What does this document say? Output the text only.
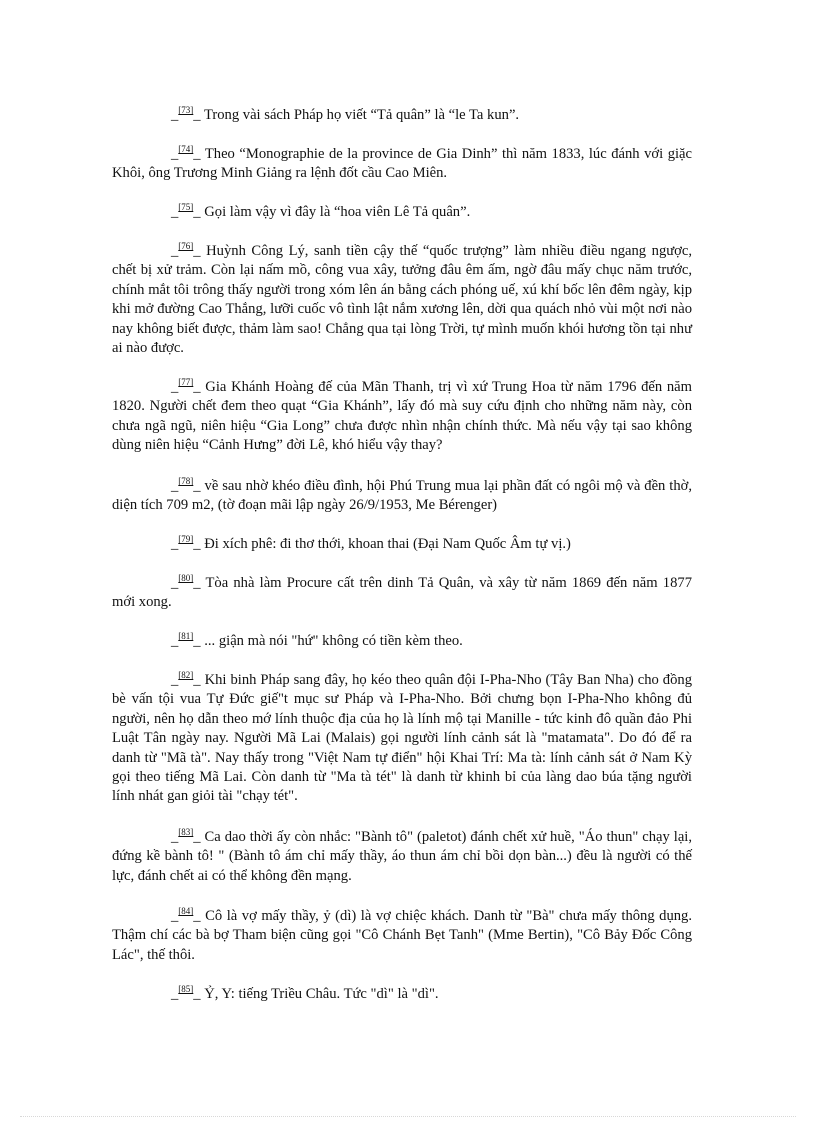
_[73]_ Trong vài sách Pháp họ viết “Tả quân” là “le Ta kun”.

_[74]_ Theo “Monographie de la province de Gia Dinh” thì năm 1833, lúc đánh với giặc Khôi, ông Trương Minh Giảng ra lệnh đốt cầu Cao Miên.

_[75]_ Gọi làm vậy vì đây là “hoa viên Lê Tả quân”.

_[76]_ Huỳnh Công Lý, sanh tiền cậy thế “quốc trượng” làm nhiều điều ngang ngược, chết bị xử trảm. Còn lại nấm mồ, công vua xây, tưởng đâu êm ấm, ngờ đâu mấy chục năm trước, chính mắt tôi trông thấy người trong xóm lên án bằng cách phóng uế, xú khí bốc lên đêm ngày, kịp khi mở đường Cao Thắng, lưỡi cuốc vô tình lật nắm xương lên, dời qua quách nhỏ vùi một nơi nào nay không biết được, thảm làm sao! Chẳng qua tại lòng Trời, tự mình muốn khói hương tồn tại như ai nào được.

_[77]_ Gia Khánh Hoàng đế của Mãn Thanh, trị vì xứ Trung Hoa từ năm 1796 đến năm 1820. Người chết đem theo quạt “Gia Khánh”, lấy đó mà suy cứu định cho những năm này, còn chưa ngã ngũ, niên hiệu “Gia Long” chưa được nhìn nhận chính thức. Mà nếu vậy tại sao không dùng niên hiệu “Cảnh Hưng” đời Lê, khó hiểu vậy thay?

_[78]_ về sau nhờ khéo điều đình, hội Phú Trung mua lại phần đất có ngôi mộ và đền thờ, diện tích 709 m2, (tờ đoạn mãi lập ngày 26/9/1953, Me Bérenger)

_[79]_ Đi xích phê: đi thơ thới, khoan thai (Đại Nam Quốc Âm tự vị.)

_[80]_ Tòa nhà làm Procure cất trên dinh Tả Quân, và xây từ năm 1869 đến năm 1877 mới xong.

_[81]_ ... giận mà nói "hứ" không có tiền kèm theo.

_[82]_ Khi binh Pháp sang đây, họ kéo theo quân đội I-Pha-Nho (Tây Ban Nha) cho đồng bè vấn tội vua Tự Đức giế"t mục sư Pháp và I-Pha-Nho. Bởi chưng bọn I-Pha-Nho không đủ người, nên họ dẫn theo mớ lính thuộc địa của họ là lính mộ tại Manille - tức kinh đô quần đảo Phi Luật Tân ngày nay. Người Mã Lai (Malais) gọi người lính cảnh sát là "matamata". Do đó để ra danh từ "Mã tà". Nay thấy trong "Việt Nam tự điển" hội Khai Trí: Ma tà: lính cảnh sát ở Nam Kỳ gọi theo tiếng Mã Lai. Còn danh từ "Ma tà tét" là danh từ khinh bỉ của làng dao búa tặng người lính nhát gan giỏi tài "chạy tét".

_[83]_ Ca dao thời ấy còn nhắc: "Bành tô" (paletot) đánh chết xử huề, "Áo thun" chạy lại, đứng kề bành tô! " (Bành tô ám chỉ mấy thầy, áo thun ám chỉ bồi dọn bàn...) đều là người có thế lực, đánh chết ai có thể không đền mạng.

_[84]_ Cô là vợ mấy thầy, ỷ (dì) là vợ chiệc khách. Danh từ "Bà" chưa mấy thông dụng. Thậm chí các bà bợ Tham biện cũng gọi "Cô Chánh Bẹt Tanh" (Mme Bertin), "Cô Bảy Đốc Công Lác", thế thôi.

_[85]_ Ỷ, Y: tiếng Triều Châu. Tức "dì" là "dì".
